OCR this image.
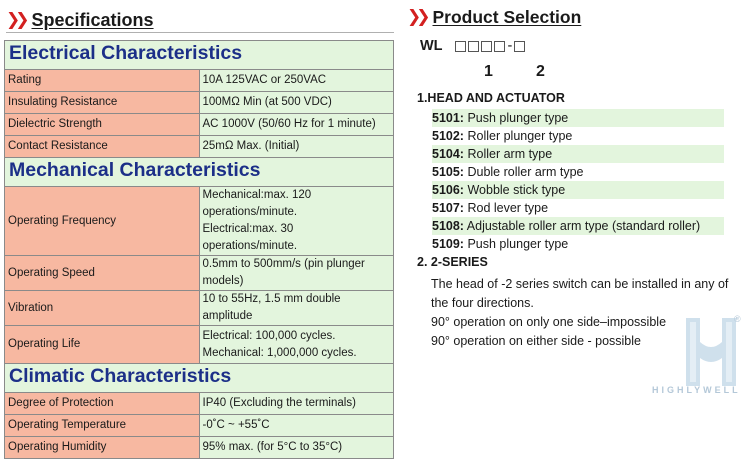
❯❯ Specifications
Electrical Characteristics	
Rating	10A 125VAC or 250VAC
Insulating Resistance	100MΩ Min (at 500 VDC)
Dielectric Strength	AC 1000V (50/60 Hz for 1 minute)
Contact Resistance	25mΩ Max. (Initial)
Mechanical Characteristics	
Operating Frequency	Mechanical:max. 120 operations/minute.
Electrical:max. 30 operations/minute.

Operating Speed	0.5mm to 500mm/s (pin plunger models)
Vibration	10 to 55Hz, 1.5 mm double amplitude
Operating Life	Electrical: 100,000 cycles.
Mechanical: 1,000,000 cycles.

Climatic Characteristics	
Degree of Protection	IP40 (Excluding the terminals)
Operating Temperature	-0˚C ~ +55˚C
Operating Humidity	95% max. (for 5°C to 35°C)
❯❯ Product Selection
WL	-
1	2
1.HEAD AND ACTUATOR
5101: Push plunger type
5102: Roller plunger type
5104: Roller arm type
5105: Duble roller arm type
5106: Wobble stick type
5107: Rod lever type
5108: Adjustable roller arm type (standard roller)
5109: Push plunger type
2. 2-SERIES
The head of -2 series switch can be installed in any of
the four directions.
90° operation on only one side–impossible
90° operation on either side - possible
®
HIGHLYWELL
